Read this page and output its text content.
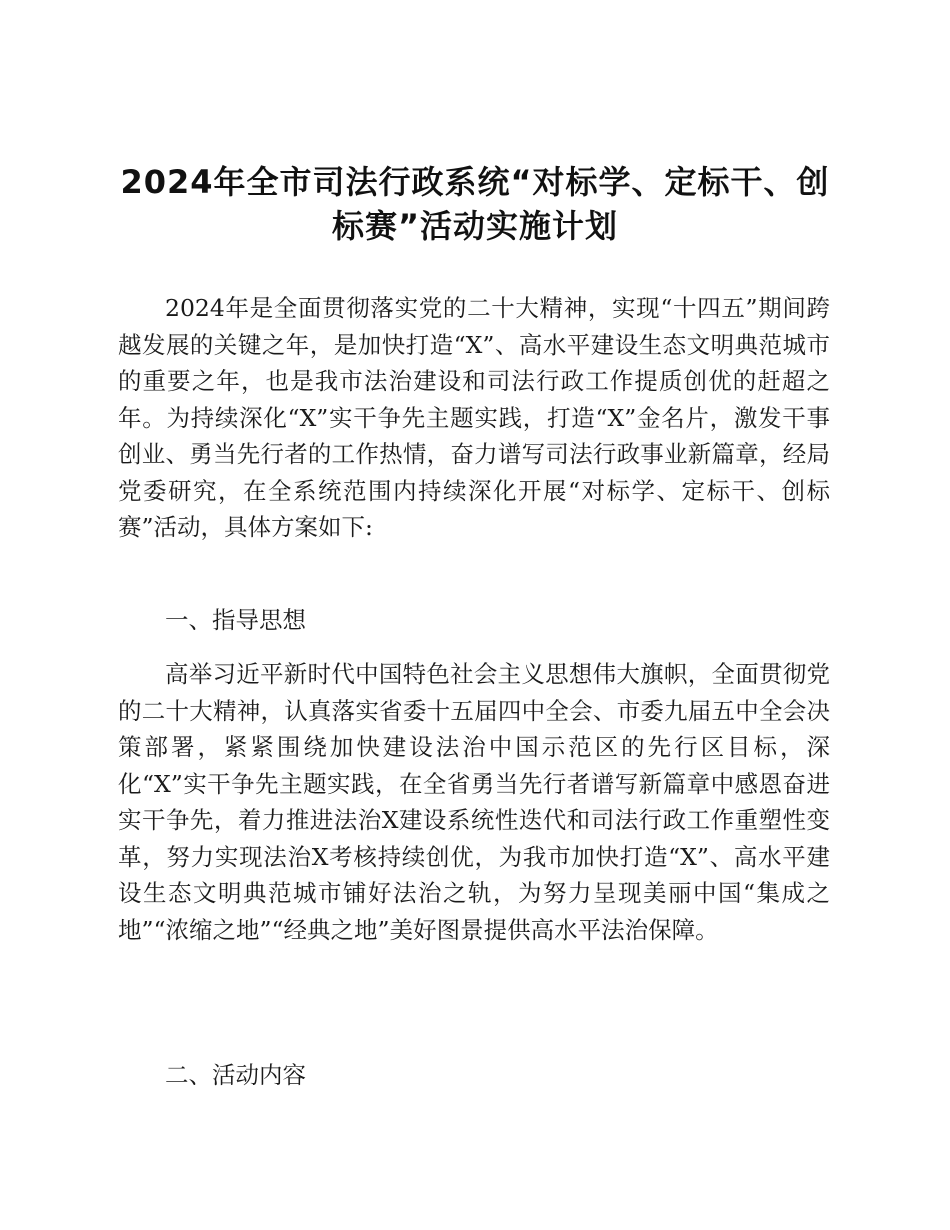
2024年全市司法行政系统“对标学、定标干、创标赛”活动实施计划

2024年是全面贯彻落实党的二十大精神，实现“十四五”期间跨越发展的关键之年，是加快打造“X”、高水平建设生态文明典范城市的重要之年，也是我市法治建设和司法行政工作提质创优的赶超之年。为持续深化“X”实干争先主题实践，打造“X”金名片，激发干事创业、勇当先行者的工作热情，奋力谱写司法行政事业新篇章，经局党委研究，在全系统范围内持续深化开展“对标学、定标干、创标赛”活动，具体方案如下:

一、指导思想

高举习近平新时代中国特色社会主义思想伟大旗帜，全面贯彻党的二十大精神，认真落实省委十五届四中全会、市委九届五中全会决策部署，紧紧围绕加快建设法治中国示范区的先行区目标，深化“X”实干争先主题实践，在全省勇当先行者谱写新篇章中感恩奋进实干争先，着力推进法治X建设系统性迭代和司法行政工作重塑性变革，努力实现法治X考核持续创优，为我市加快打造“X”、高水平建设生态文明典范城市铺好法治之轨，为努力呈现美丽中国“集成之地”“浓缩之地”“经典之地”美好图景提供高水平法治保障。

二、活动内容
